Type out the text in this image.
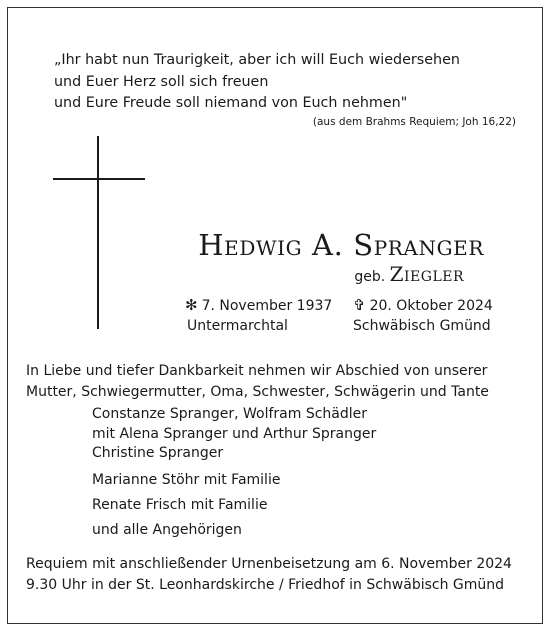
„Ihr habt nun Traurigkeit, aber ich will Euch wiedersehen
und Euer Herz soll sich freuen
und Eure Freude soll niemand von Euch nehmen"
(aus dem Brahms Requiem; Joh 16,22)
Hedwig A. Spranger
geb. Ziegler
✻ 7. November 1937
Untermarchtal
✞ 20. Oktober 2024
Schwäbisch Gmünd
In Liebe und tiefer Dankbarkeit nehmen wir Abschied von unserer
Mutter, Schwiegermutter, Oma, Schwester, Schwägerin und Tante
Constanze Spranger, Wolfram Schädler
mit Alena Spranger und Arthur Spranger
Christine Spranger
Marianne Stöhr mit Familie
Renate Frisch mit Familie
und alle Angehörigen
Requiem mit anschließender Urnenbeisetzung am 6. November 2024
9.30 Uhr in der St. Leonhardskirche / Friedhof in Schwäbisch Gmünd
